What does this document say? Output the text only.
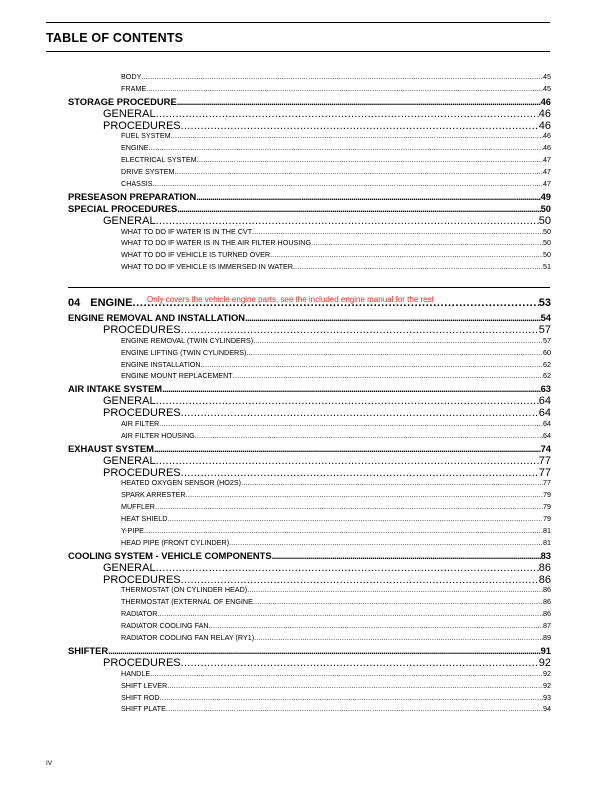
TABLE OF CONTENTS
BODY . . .	45
FRAME . . .	45
STORAGE PROCEDURE . . .	46
GENERAL . . .	46
PROCEDURES . . .	46
FUEL SYSTEM . . .	46
ENGINE . . .	46
ELECTRICAL SYSTEM . . .	47
DRIVE SYSTEM . . .	47
CHASSIS . . .	47
PRESEASON PREPARATION . . .	49
SPECIAL PROCEDURES . . .	50
GENERAL . . .	50
WHAT TO DO IF WATER IS IN THE CVT . . .	50
WHAT TO DO IF WATER IS IN THE AIR FILTER HOUSING . . .	50
WHAT TO DO IF VEHICLE IS TURNED OVER . . .	50
WHAT TO DO IF VEHICLE IS IMMERSED IN WATER . . .	51
04 ENGINE . . .	53
Only covers the vehicle engine parts, see the included engine manual for the rest
ENGINE REMOVAL AND INSTALLATION . . .	54
PROCEDURES . . .	57
ENGINE REMOVAL (TWIN CYLINDERS) . . .	57
ENGINE LIFTING (TWIN CYLINDERS) . . .	60
ENGINE INSTALLATION . . .	62
ENGINE MOUNT REPLACEMENT . . .	62
AIR INTAKE SYSTEM . . .	63
GENERAL . . .	64
PROCEDURES . . .	64
AIR FILTER . . .	64
AIR FILTER HOUSING . . .	64
EXHAUST SYSTEM . . .	74
GENERAL . . .	77
PROCEDURES . . .	77
HEATED OXYGEN SENSOR (HO2S) . . .	77
SPARK ARRESTER . . .	79
MUFFLER . . .	79
HEAT SHIELD . . .	79
Y-PIPE . . .	81
HEAD PIPE (FRONT CYLINDER) . . .	81
COOLING SYSTEM - VEHICLE COMPONENTS . . .	83
GENERAL . . .	86
PROCEDURES . . .	86
THERMOSTAT (ON CYLINDER HEAD) . . .	86
THERMOSTAT (EXTERNAL OF ENGINE . . .	86
RADIATOR . . .	86
RADIATOR COOLING FAN . . .	87
RADIATOR COOLING FAN RELAY (RY1) . . .	89
SHIFTER . . .	91
PROCEDURES . . .	92
HANDLE . . .	92
SHIFT LEVER . . .	92
SHIFT ROD . . .	93
SHIFT PLATE . . .	94
IV
